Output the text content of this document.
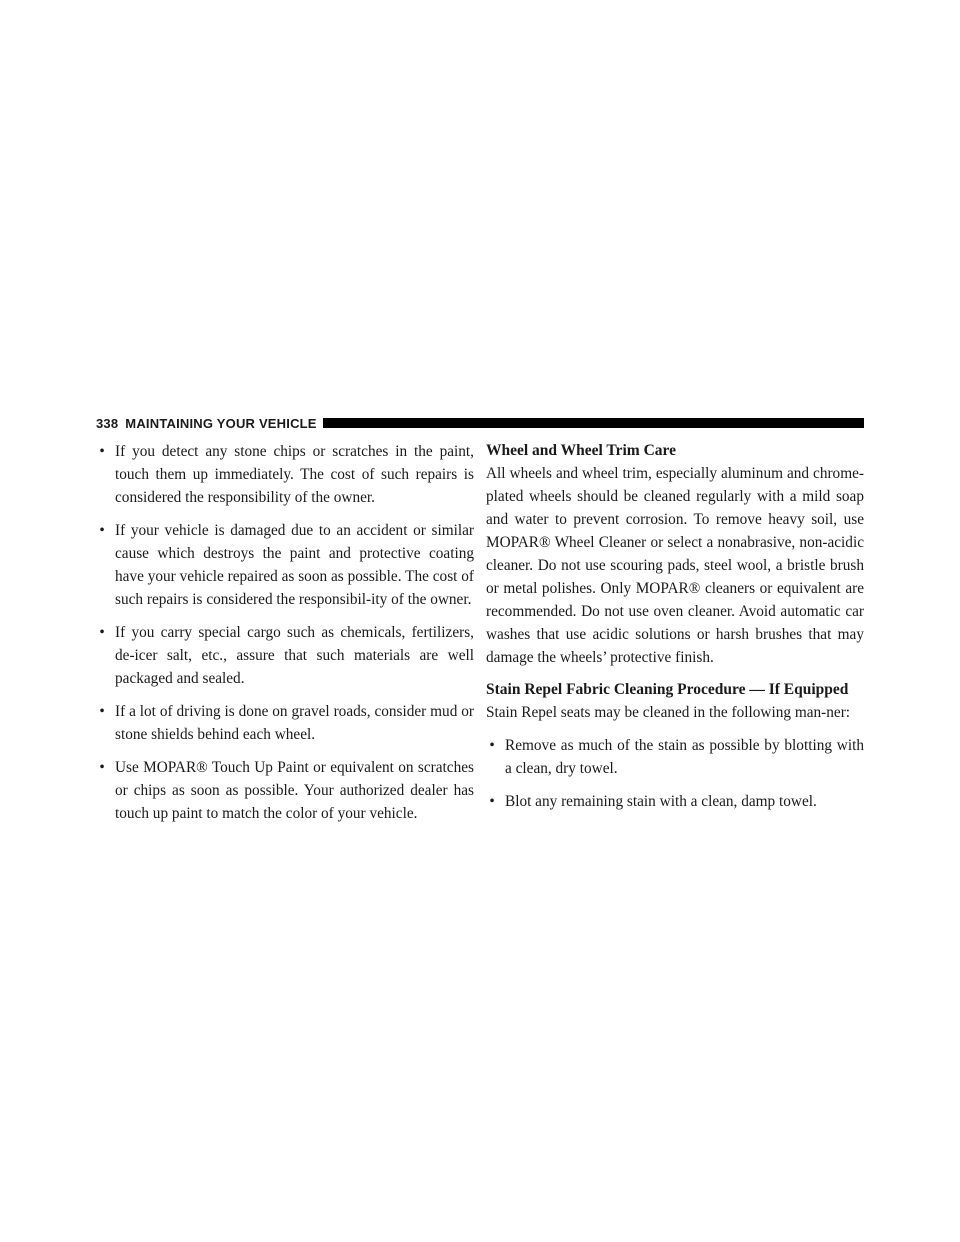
338 MAINTAINING YOUR VEHICLE
• If you detect any stone chips or scratches in the paint, touch them up immediately. The cost of such repairs is considered the responsibility of the owner.
• If your vehicle is damaged due to an accident or similar cause which destroys the paint and protective coating have your vehicle repaired as soon as possible. The cost of such repairs is considered the responsibil-ity of the owner.
• If you carry special cargo such as chemicals, fertilizers, de-icer salt, etc., assure that such materials are well packaged and sealed.
• If a lot of driving is done on gravel roads, consider mud or stone shields behind each wheel.
• Use MOPAR® Touch Up Paint or equivalent on scratches or chips as soon as possible. Your authorized dealer has touch up paint to match the color of your vehicle.
Wheel and Wheel Trim Care

All wheels and wheel trim, especially aluminum and chrome-plated wheels should be cleaned regularly with a mild soap and water to prevent corrosion. To remove heavy soil, use MOPAR® Wheel Cleaner or select a nonabrasive, non-acidic cleaner. Do not use scouring pads, steel wool, a bristle brush or metal polishes. Only MOPAR® cleaners or equivalent are recommended. Do not use oven cleaner. Avoid automatic car washes that use acidic solutions or harsh brushes that may damage the wheels’ protective finish.

Stain Repel Fabric Cleaning Procedure — If Equipped

Stain Repel seats may be cleaned in the following man-ner:

• Remove as much of the stain as possible by blotting with a clean, dry towel.
• Blot any remaining stain with a clean, damp towel.
